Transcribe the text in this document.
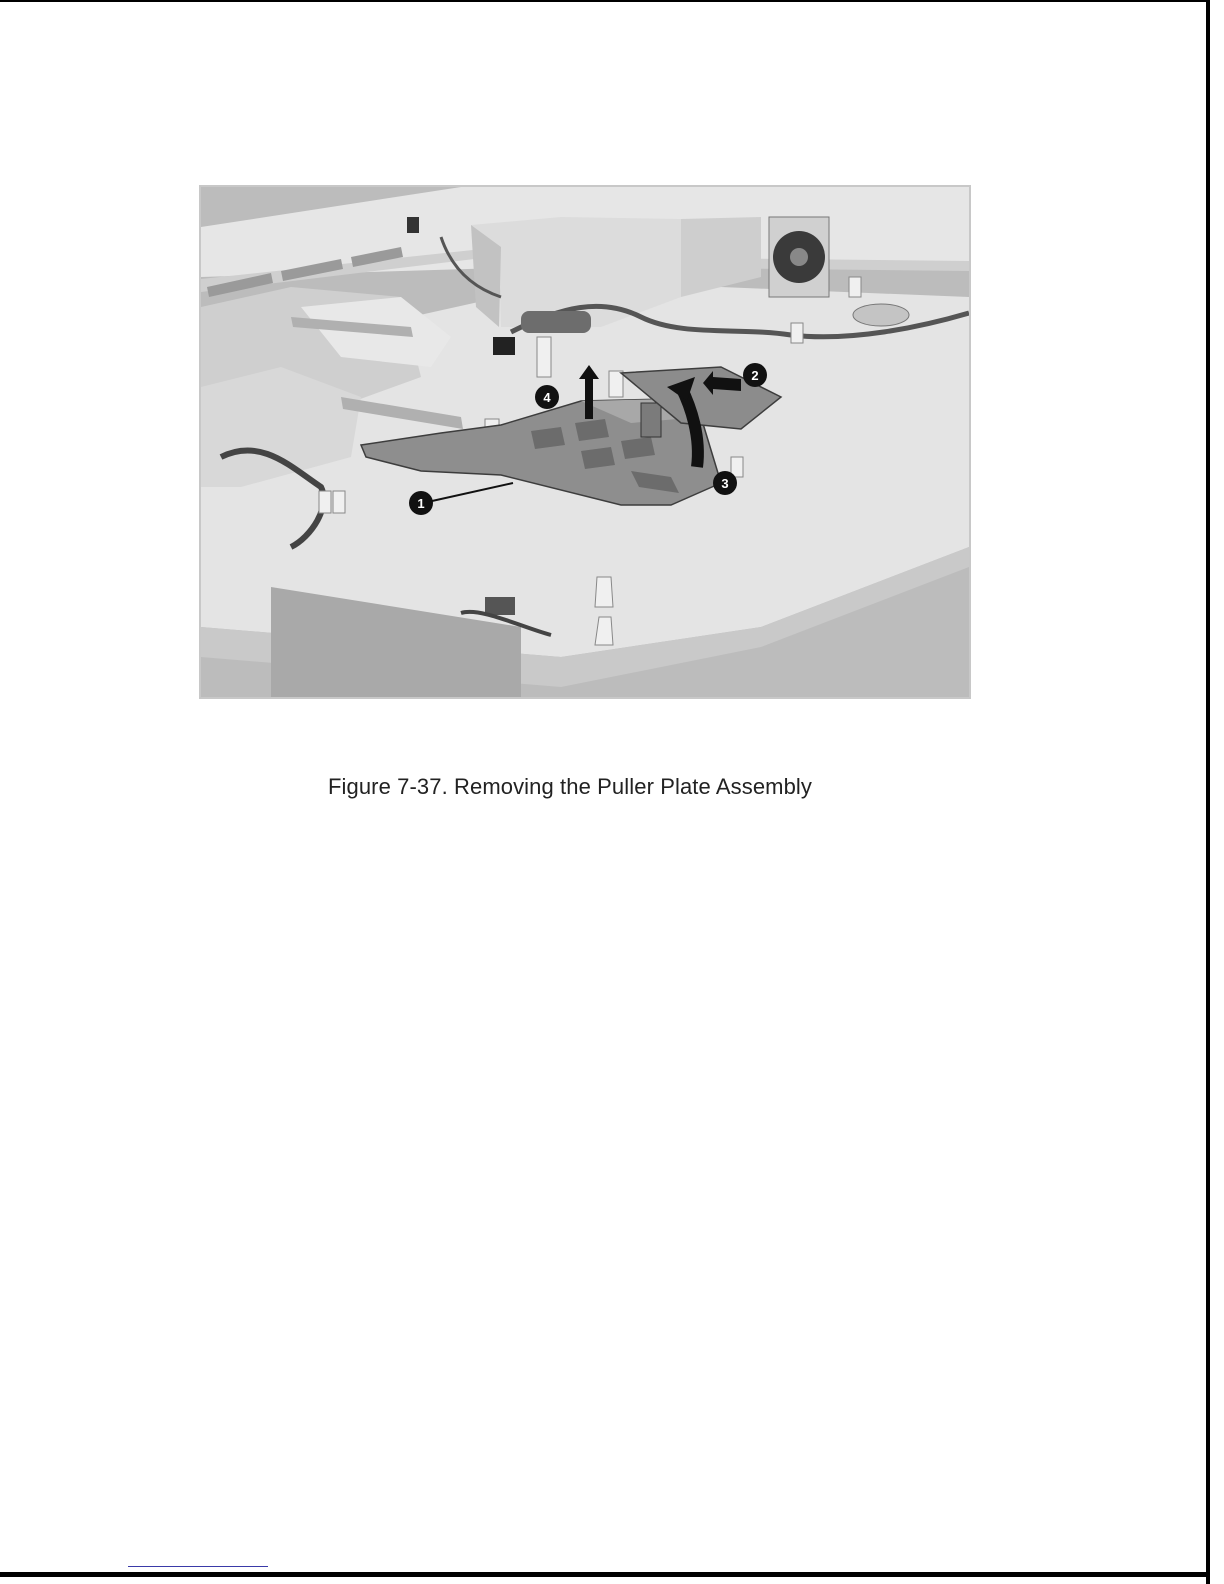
1
2
3
4
Figure 7-37. Removing the Puller Plate Assembly
